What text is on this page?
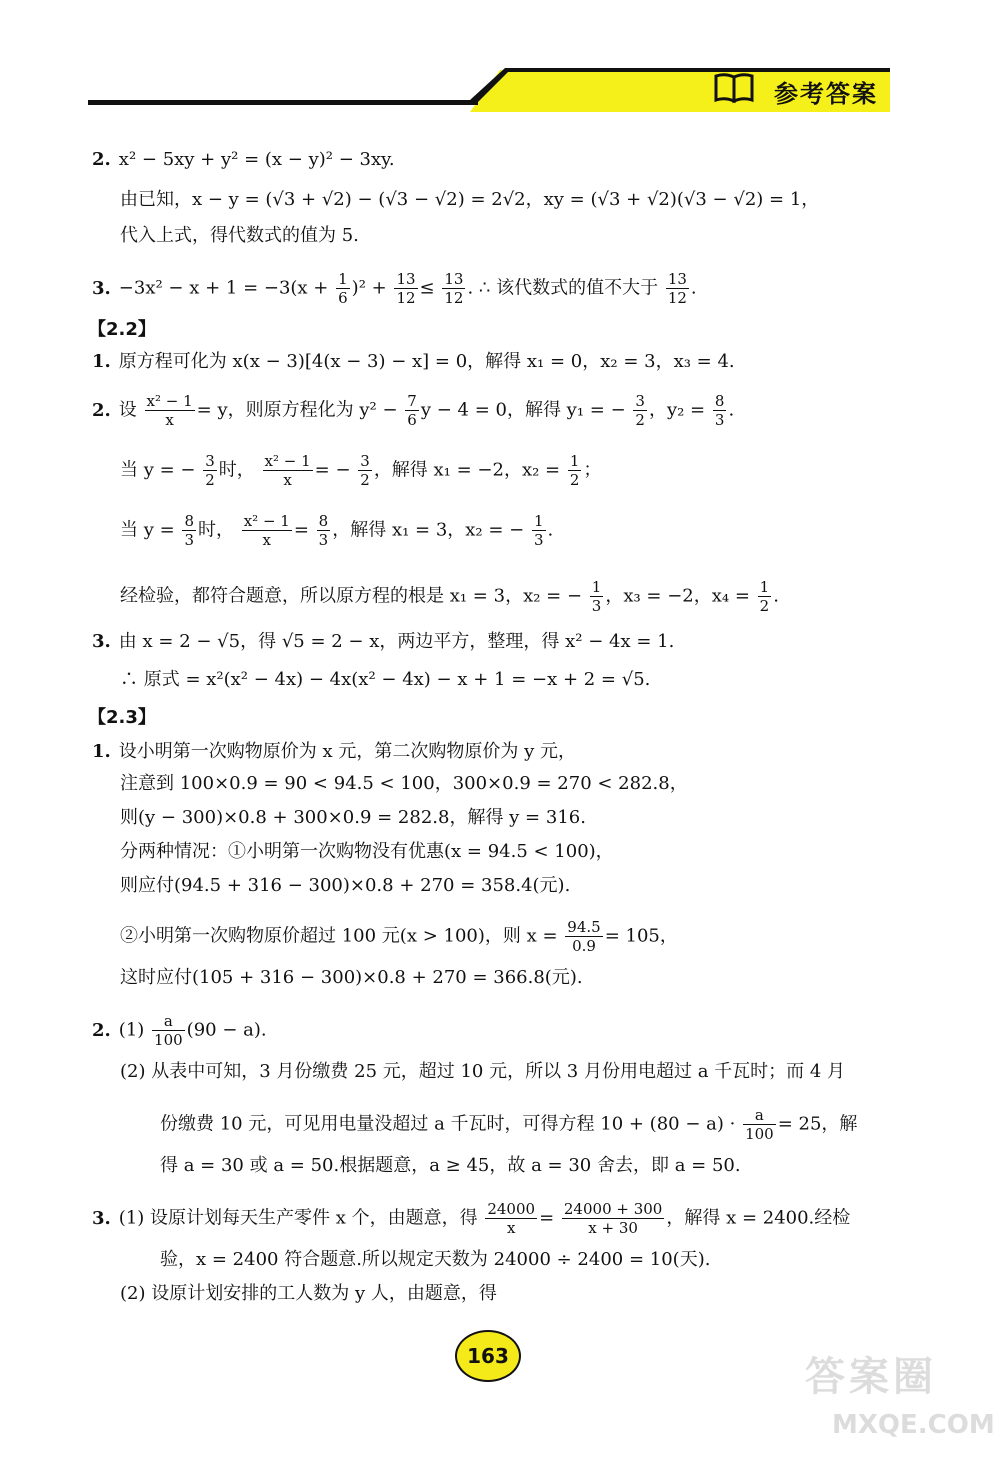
参考答案
2. x² − 5xy + y² = (x − y)² − 3xy.
由已知，x − y = (√3 + √2) − (√3 − √2) = 2√2，xy = (√3 + √2)(√3 − √2) = 1，
代入上式，得代数式的值为 5.
3. $-3x^2 - x + 1 = -3(x + \frac{1}{6} )^2 + \frac{13}{12} \le \frac{13}{12}$ . ∴ 该代数式的值不大于 $\frac{13}{12}$ .
【2.2】
1. 原方程可化为 x(x − 3)[4(x − 3) − x] = 0，解得 x₁ = 0，x₂ = 3，x₃ = 4.
2. 设 $\frac{\text{x² − 1}}{x} = y$，则原方程化为 $y^2 - \frac{7}{6}$ y − 4 = 0，解得 y₁ = − $\frac{3}{2}$ ，$y_2 = \frac{8}{3}$ .
当 y = − $\frac{3}{2}$ 时， $\frac{\text{x² − 1}}{x}$ = − $\frac{3}{2}$ ，解得 x₁ = −2，$x_2 = \frac{1}{2}$ ；
当 $y = \frac{8}{3}$ 时， $\frac{\text{x² − 1}}{x} = \frac{8}{3}$ ，解得 x₁ = 3，x₂ = − $\frac{1}{3}$ .
经检验，都符合题意，所以原方程的根是 x₁ = 3，x₂ = − $\frac{1}{3}$ ，x₃ = −2，$x_4 = \frac{1}{2}$ .
3. 由 x = 2 − √5，得 √5 = 2 − x，两边平方，整理，得 x² − 4x = 1.
∴ 原式 = x²(x² − 4x) − 4x(x² − 4x) − x + 1 = −x + 2 = √5.
【2.3】
1. 设小明第一次购物原价为 x 元，第二次购物原价为 y 元，
注意到 100×0.9 = 90 < 94.5 < 100，300×0.9 = 270 < 282.8，
则(y − 300)×0.8 + 300×0.9 = 282.8，解得 y = 316.
分两种情况：①小明第一次购物没有优惠(x = 94.5 < 100)，
则应付(94.5 + 316 − 300)×0.8 + 270 = 358.4(元).
②小明第一次购物原价超过 100 元(x > 100)，则 $x = \frac{94.5}{0.9} = 105$，
这时应付(105 + 316 − 300)×0.8 + 270 = 366.8(元).
2. $(1) \frac{a}{100} (90 - a)$.
(2) 从表中可知，3 月份缴费 25 元，超过 10 元，所以 3 月份用电超过 a 千瓦时；而 4 月
份缴费 10 元，可见用电量没超过 a 千瓦时，可得方程 $10 + (80 - a) \cdot \frac{a}{100} = 25$，解
得 a = 30 或 a = 50.根据题意，a ≥ 45，故 a = 30 舍去，即 a = 50.
3. (1) 设原计划每天生产零件 x 个，由题意，得 $\frac{24000}{x} = \frac{24000 + 300}{x + 30}$ ，解得 x = 2400.经检
验，x = 2400 符合题意.所以规定天数为 24000 ÷ 2400 = 10(天).
(2) 设原计划安排的工人数为 y 人，由题意，得
163	答案圈
MXQE.COM
